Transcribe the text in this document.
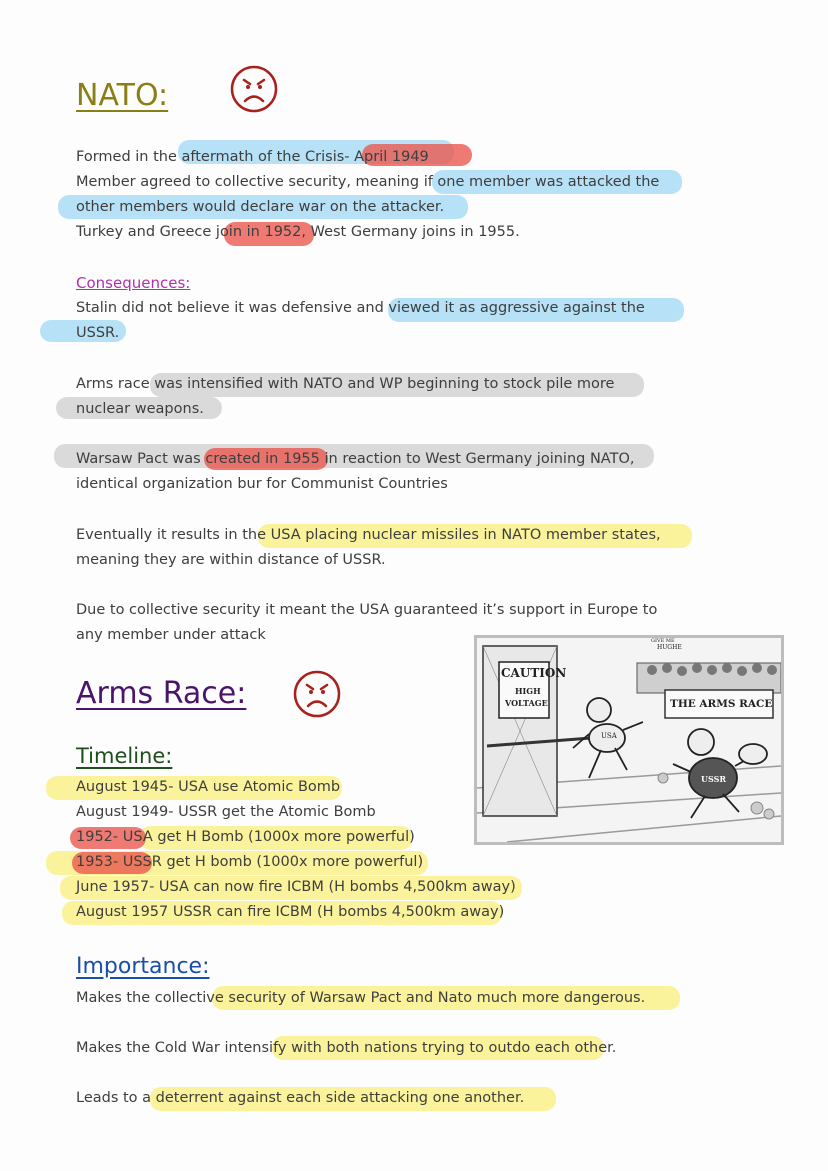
NATO:
Formed in the aftermath of the Crisis- April 1949
Member agreed to collective security, meaning if one member was attacked the
other members would declare war on the attacker.
Turkey and Greece join in 1952, West Germany joins in 1955.
Consequences:
Stalin did not believe it was defensive and viewed it as aggressive against the
USSR.
Arms race was intensified with NATO and WP beginning to stock pile more
nuclear weapons.
Warsaw Pact was created in 1955 in reaction to West Germany joining NATO,
identical organization bur for Communist Countries
Eventually it results in the USA placing nuclear missiles in NATO member states,
meaning they are within distance of USSR.
Due to collective security it meant the USA guaranteed it’s support in Europe to
any member under attack
Arms Race:
Timeline:
August 1945- USA use Atomic Bomb
August 1949- USSR get the Atomic Bomb
1952- USA get H Bomb (1000x more powerful)
1953- USSR get H bomb (1000x more powerful)
June 1957- USA can now fire ICBM (H bombs 4,500km away)
August 1957 USSR can fire ICBM (H bombs 4,500km away)
Importance:
Makes the collective security of Warsaw Pact and Nato much more dangerous.
Makes the Cold War intensify with both nations trying to outdo each other.
Leads to a deterrent against each side attacking one another.
CAUTION
HIGH
VOLTAGE	THE ARMS RACE
USA
USSR
GIVE ME
HUGHE
